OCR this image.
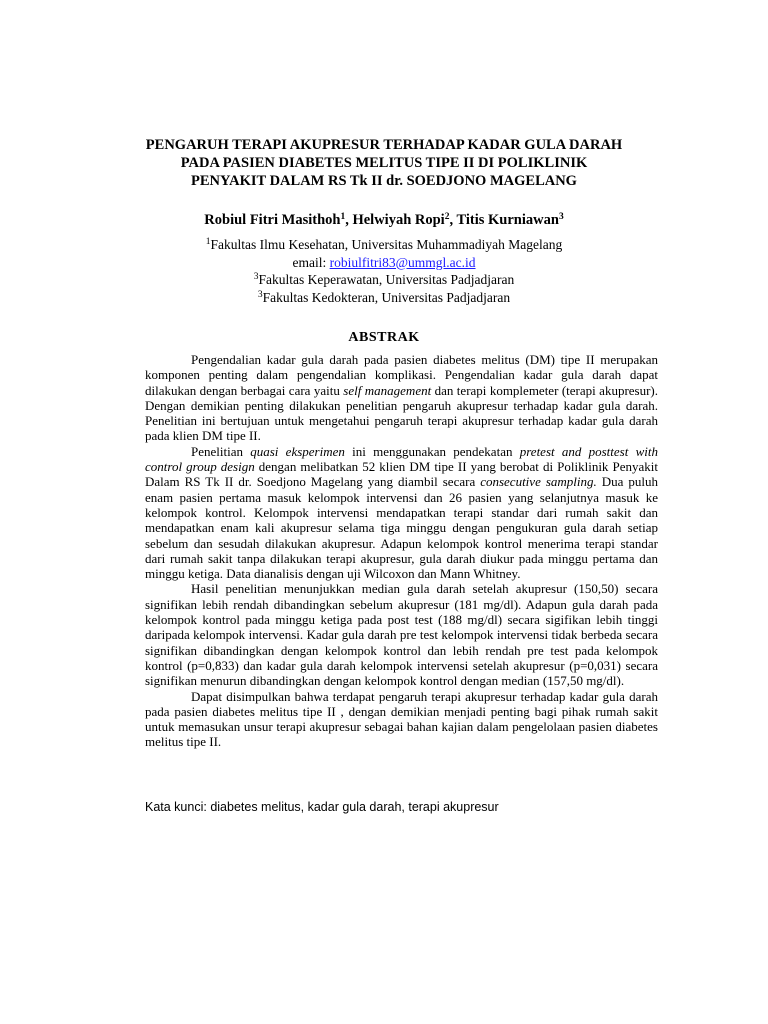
PENGARUH TERAPI AKUPRESUR TERHADAP KADAR GULA DARAH
PADA PASIEN DIABETES MELITUS TIPE II DI POLIKLINIK
PENYAKIT DALAM RS Tk II dr. SOEDJONO MAGELANG
Robiul Fitri Masithoh$^1$, Helwiyah Ropi$^2$, Titis Kurniawan$^3$
$^1$Fakultas Ilmu Kesehatan, Universitas Muhammadiyah Magelang
email: robiulfitri83@ummgl.ac.id
$^3$Fakultas Keperawatan, Universitas Padjadjaran
$^3$Fakultas Kedokteran, Universitas Padjadjaran
ABSTRAK

Pengendalian kadar gula darah pada pasien diabetes melitus (DM) tipe II merupakan komponen penting dalam pengendalian komplikasi. Pengendalian kadar gula darah dapat dilakukan dengan berbagai cara yaitu self management dan terapi komplemeter (terapi akupresur). Dengan demikian penting dilakukan penelitian pengaruh akupresur terhadap kadar gula darah. Penelitian ini bertujuan untuk mengetahui pengaruh terapi akupresur terhadap kadar gula darah pada klien DM tipe II.

Penelitian quasi eksperimen ini menggunakan pendekatan pretest and posttest with control group design dengan melibatkan 52 klien DM tipe II yang berobat di Poliklinik Penyakit Dalam RS Tk II dr. Soedjono Magelang yang diambil secara consecutive sampling. Dua puluh enam pasien pertama masuk kelompok intervensi dan 26 pasien yang selanjutnya masuk ke kelompok kontrol. Kelompok intervensi mendapatkan terapi standar dari rumah sakit dan mendapatkan enam kali akupresur selama tiga minggu dengan pengukuran gula darah setiap sebelum dan sesudah dilakukan akupresur. Adapun kelompok kontrol menerima terapi standar dari rumah sakit tanpa dilakukan terapi akupresur, gula darah diukur pada minggu pertama dan minggu ketiga. Data dianalisis dengan uji Wilcoxon dan Mann Whitney.

Hasil penelitian menunjukkan median gula darah setelah akupresur (150,50) secara signifikan lebih rendah dibandingkan sebelum akupresur (181 mg/dl). Adapun gula darah pada kelompok kontrol pada minggu ketiga pada post test (188 mg/dl) secara sigifikan lebih tinggi daripada kelompok intervensi. Kadar gula darah pre test kelompok intervensi tidak berbeda secara signifikan dibandingkan dengan kelompok kontrol dan lebih rendah pre test pada kelompok kontrol (p=0,833) dan kadar gula darah kelompok intervensi setelah akupresur (p=0,031) secara signifikan menurun dibandingkan dengan kelompok kontrol dengan median (157,50 mg/dl).

Dapat disimpulkan bahwa terdapat pengaruh terapi akupresur terhadap kadar gula darah pada pasien diabetes melitus tipe II , dengan demikian menjadi penting bagi pihak rumah sakit untuk memasukan unsur terapi akupresur sebagai bahan kajian dalam pengelolaan pasien diabetes melitus tipe II.

Kata kunci: diabetes melitus, kadar gula darah, terapi akupresur
